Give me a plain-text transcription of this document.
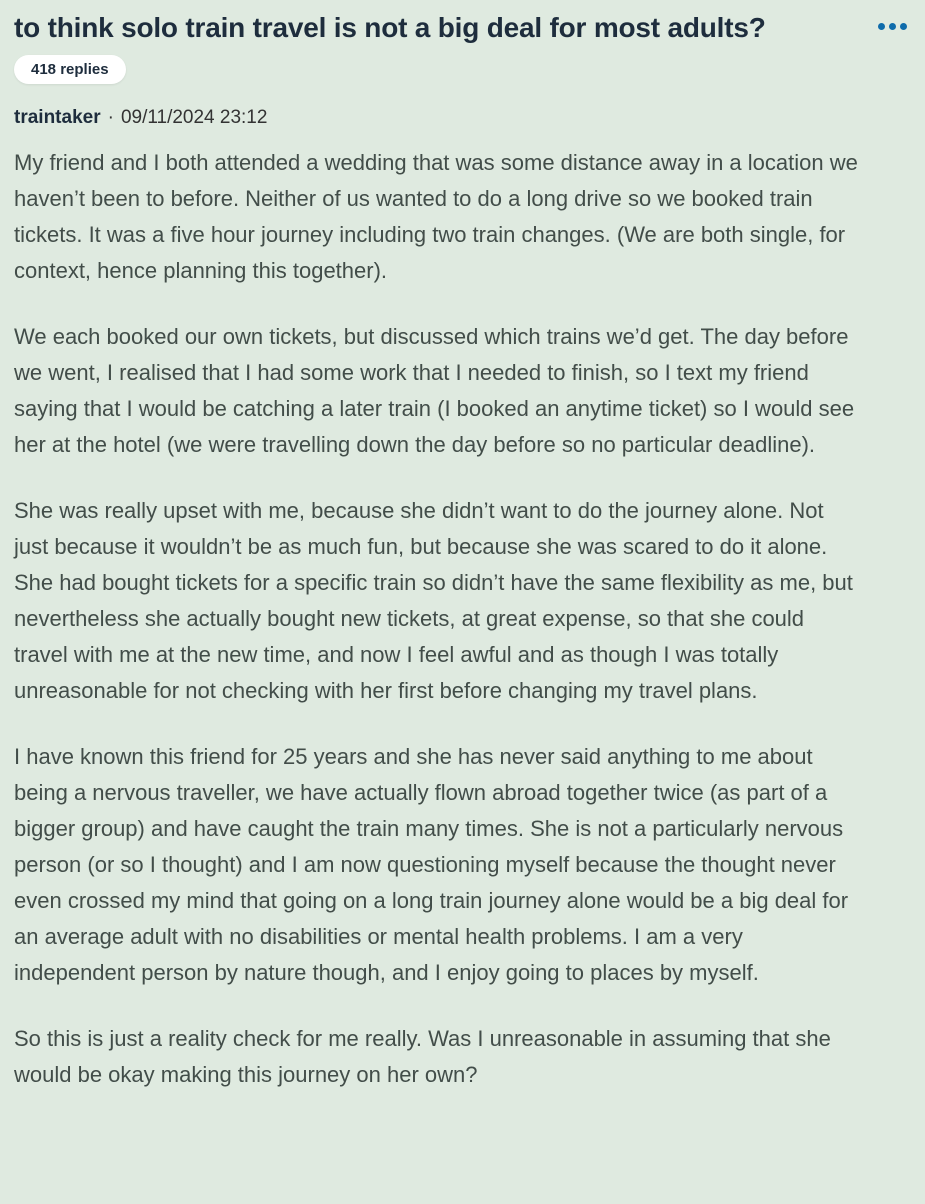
to think solo train travel is not a big deal for most adults?
418 replies
traintaker · 09/11/2024 23:12

My friend and I both attended a wedding that was some distance away in a location we haven’t been to before. Neither of us wanted to do a long drive so we booked train tickets. It was a five hour journey including two train changes. (We are both single, for context, hence planning this together).

We each booked our own tickets, but discussed which trains we’d get. The day before we went, I realised that I had some work that I needed to finish, so I text my friend saying that I would be catching a later train (I booked an anytime ticket) so I would see her at the hotel (we were travelling down the day before so no particular deadline).

She was really upset with me, because she didn’t want to do the journey alone. Not just because it wouldn’t be as much fun, but because she was scared to do it alone. She had bought tickets for a specific train so didn’t have the same flexibility as me, but nevertheless she actually bought new tickets, at great expense, so that she could travel with me at the new time, and now I feel awful and as though I was totally unreasonable for not checking with her first before changing my travel plans.

I have known this friend for 25 years and she has never said anything to me about being a nervous traveller, we have actually flown abroad together twice (as part of a bigger group) and have caught the train many times. She is not a particularly nervous person (or so I thought) and I am now questioning myself because the thought never even crossed my mind that going on a long train journey alone would be a big deal for an average adult with no disabilities or mental health problems. I am a very independent person by nature though, and I enjoy going to places by myself.

So this is just a reality check for me really. Was I unreasonable in assuming that she would be okay making this journey on her own?
